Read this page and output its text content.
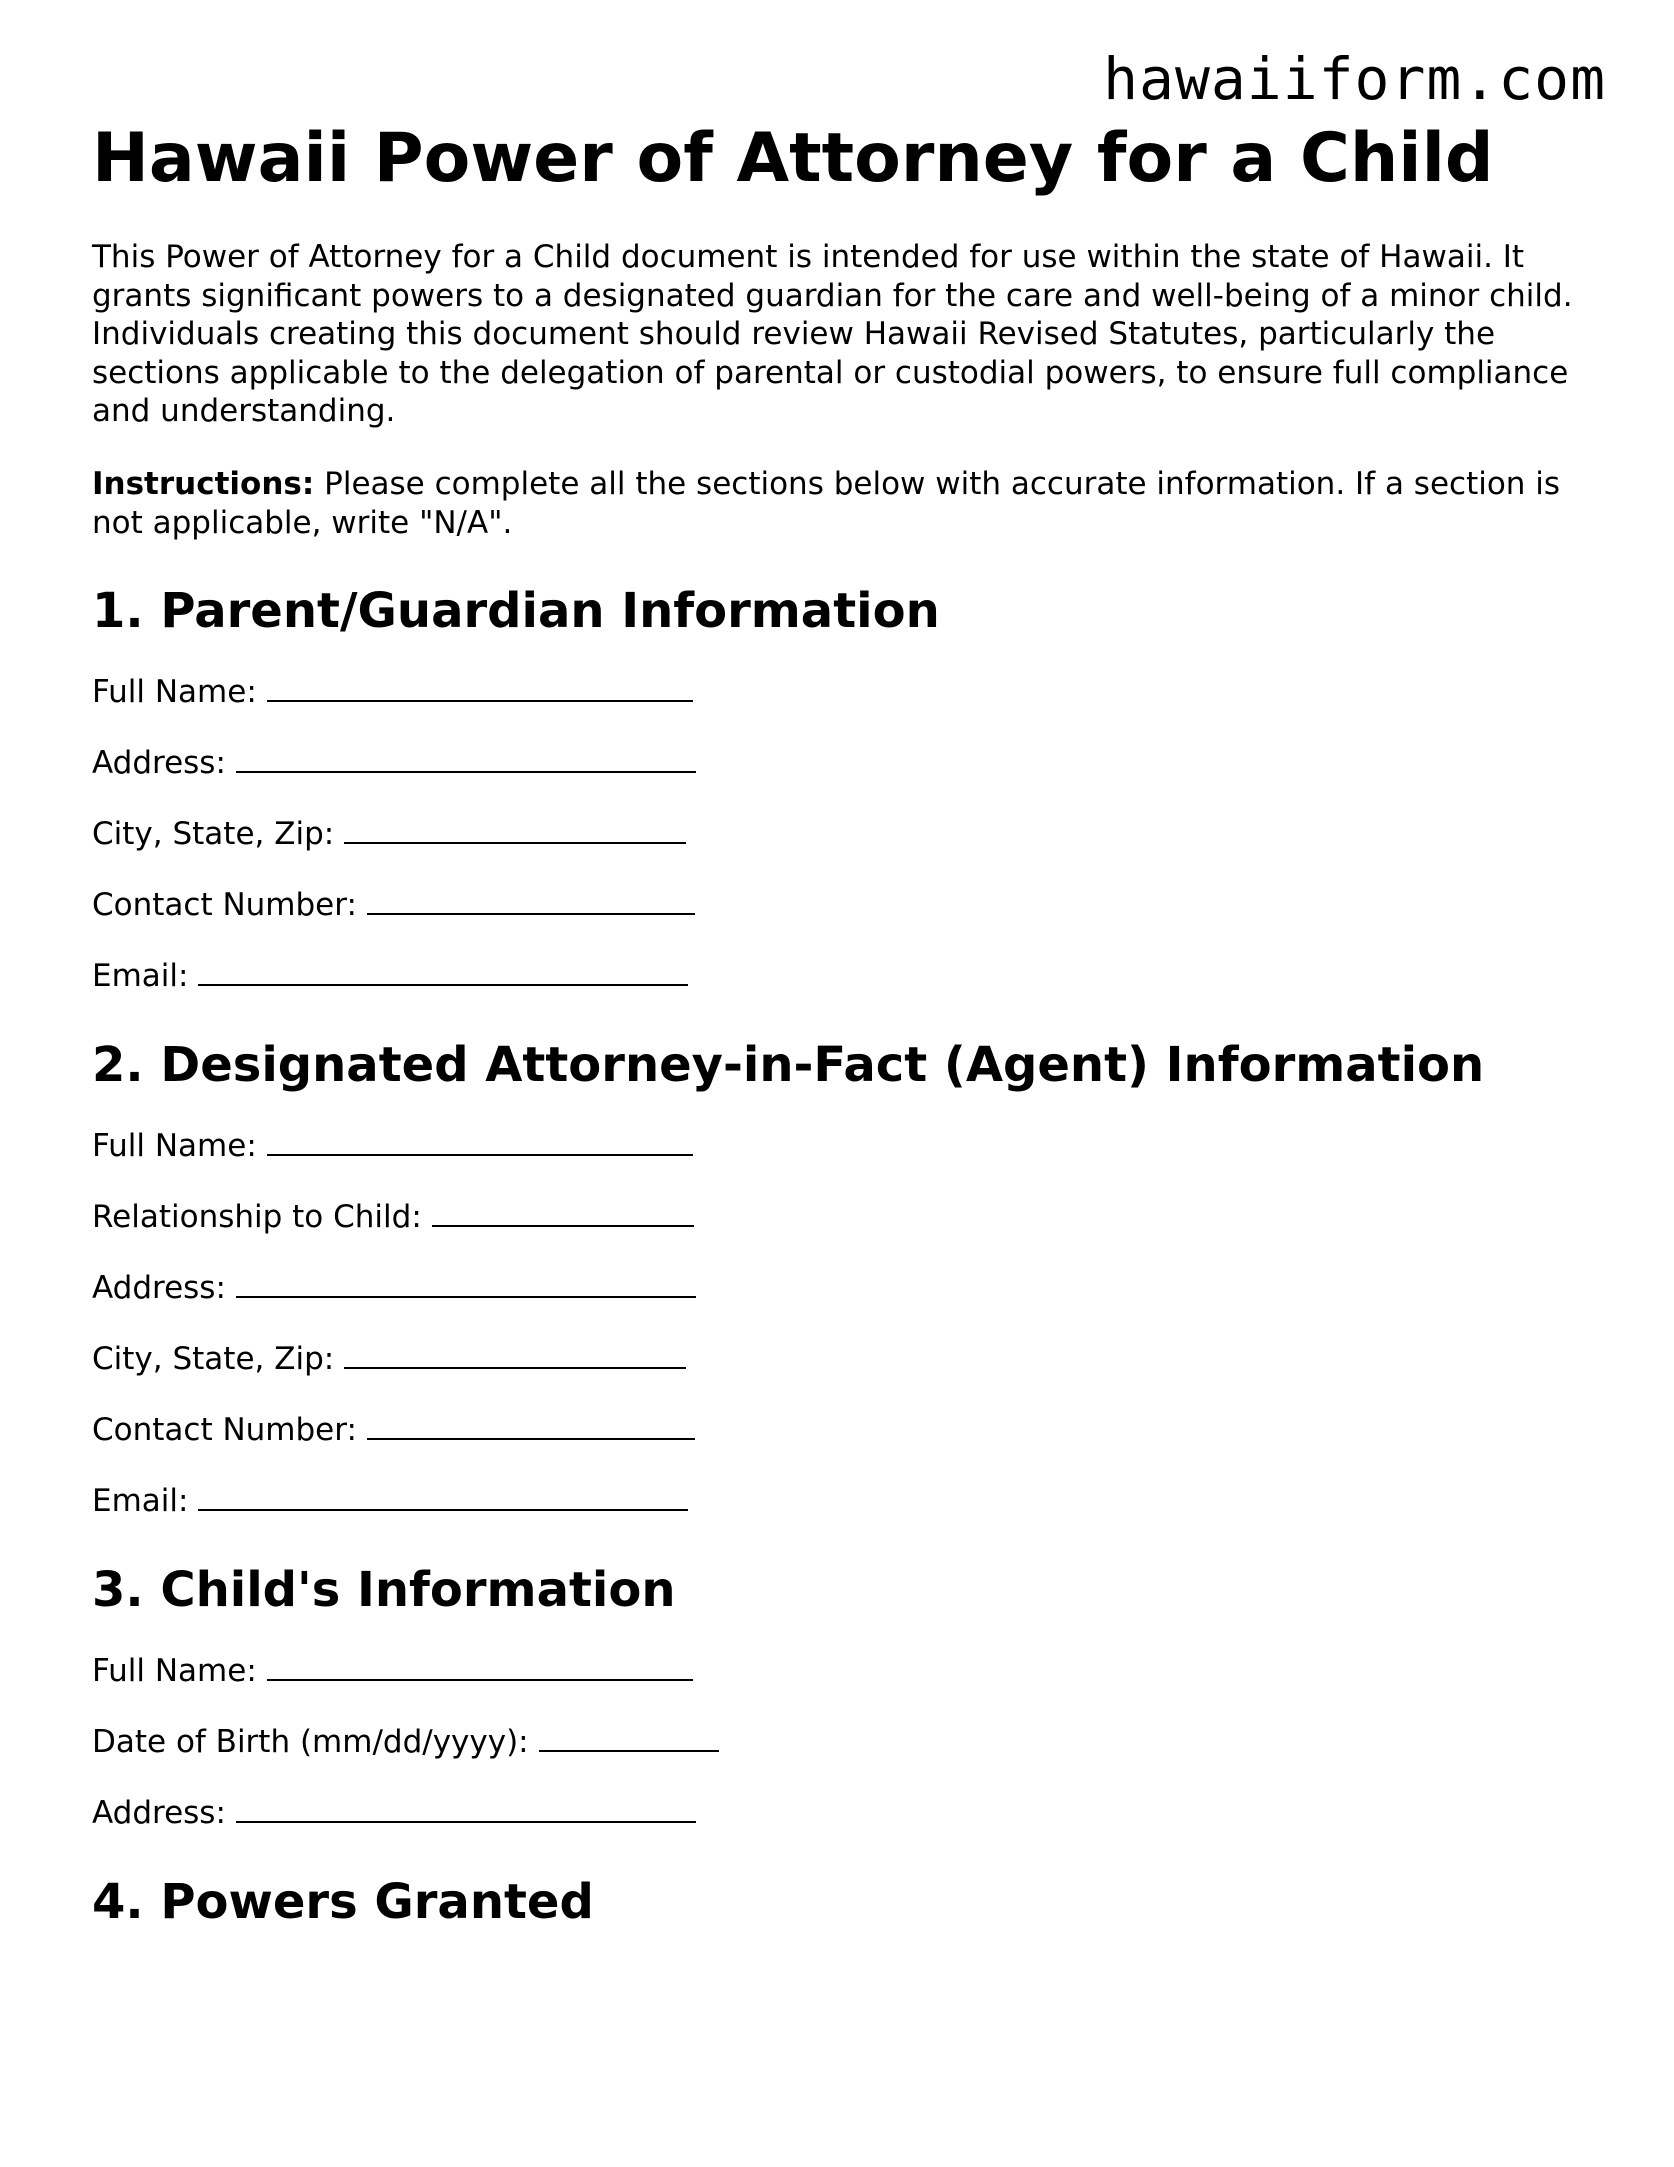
hawaiiform.com
Hawaii Power of Attorney for a Child

This Power of Attorney for a Child document is intended for use within the state of Hawaii. It grants significant powers to a designated guardian for the care and well-being of a minor child. Individuals creating this document should review Hawaii Revised Statutes, particularly the sections applicable to the delegation of parental or custodial powers, to ensure full compliance and understanding.

Instructions: Please complete all the sections below with accurate information. If a section is not applicable, write "N/A".

1. Parent/Guardian Information
Full Name:
Address:
City, State, Zip:
Contact Number:
Email:
2. Designated Attorney-in-Fact (Agent) Information
Full Name:
Relationship to Child:
Address:
City, State, Zip:
Contact Number:
Email:
3. Child's Information
Full Name:
Date of Birth (mm/dd/yyyy):
Address:
4. Powers Granted
